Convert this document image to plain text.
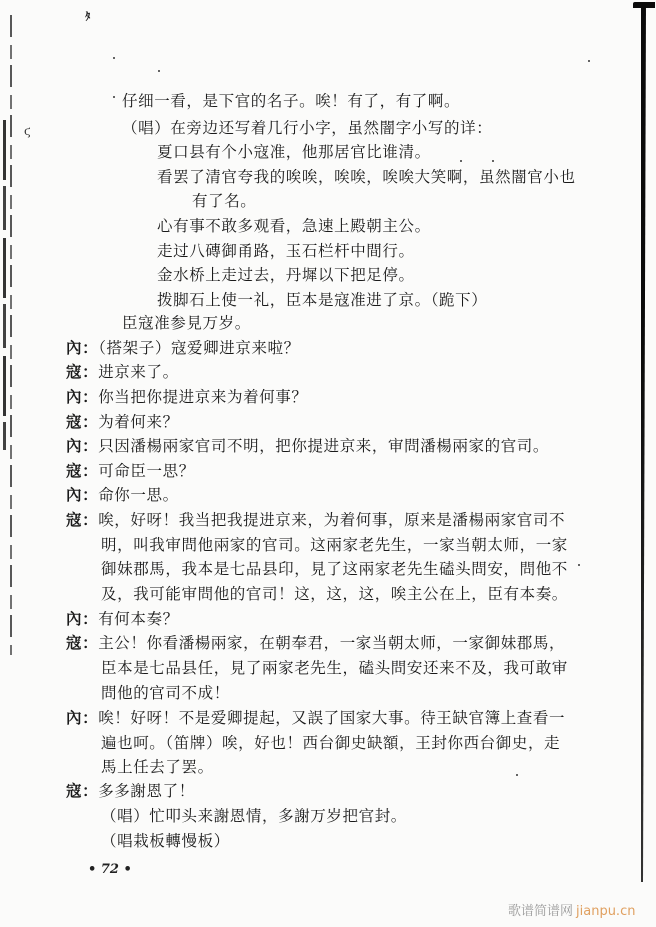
ﾀ
ϛ
仔细一看，是下官的名子。唉！有了，有了啊。
（唱）在旁边还写着几行小字，虽然闇字小写的详：
夏口县有个小寇准，他那居官比谁清。
看罢了清官夸我的唉唉，唉唉，唉唉大笑啊，虽然闇官小也
有了名。
心有事不敢多观看，急速上殿朝主公。
走过八磚御甬路，玉石栏杆中間行。
金水桥上走过去，丹墀以下把足停。
拨脚石上使一礼，臣本是寇准进了京。（跪下）
臣寇准参見万岁。
內：（搭架子）寇爱卿进京来啦？
寇：进京来了。
內：你当把你提进京来为着何事？
寇：为着何来？
內：只因潘楊兩家官司不明，把你提进京来，审問潘楊兩家的官司。
寇：可命臣一思？
內：命你一思。
寇：唉，好呀！我当把我提进京来，为着何事，原来是潘楊兩家官司不
明，叫我审問他兩家的官司。这兩家老先生，一家当朝太师，一家
御妹郡馬，我本是七品县印，見了这兩家老先生磕头問安，問他不
及，我可能审問他的官司！这，这，这，唉主公在上，臣有本奏。
內：有何本奏？
寇：主公！你看潘楊兩家，在朝奉君，一家当朝太师，一家御妹郡馬，
臣本是七品县任，見了兩家老先生，磕头問安还来不及，我可敢审
問他的官司不成！
內：唉！好呀！不是爱卿提起，又誤了国家大事。待王缺官簿上查看一
遍也呵。（笛牌）唉，好也！西台御史缺額，王封你西台御史，走
馬上任去了罢。
寇：多多謝恩了！
（唱）忙叩头来謝恩情，多謝万岁把官封。
（唱栽板轉慢板）
• 72 •
歌谱简谱网 jianpu.cn
